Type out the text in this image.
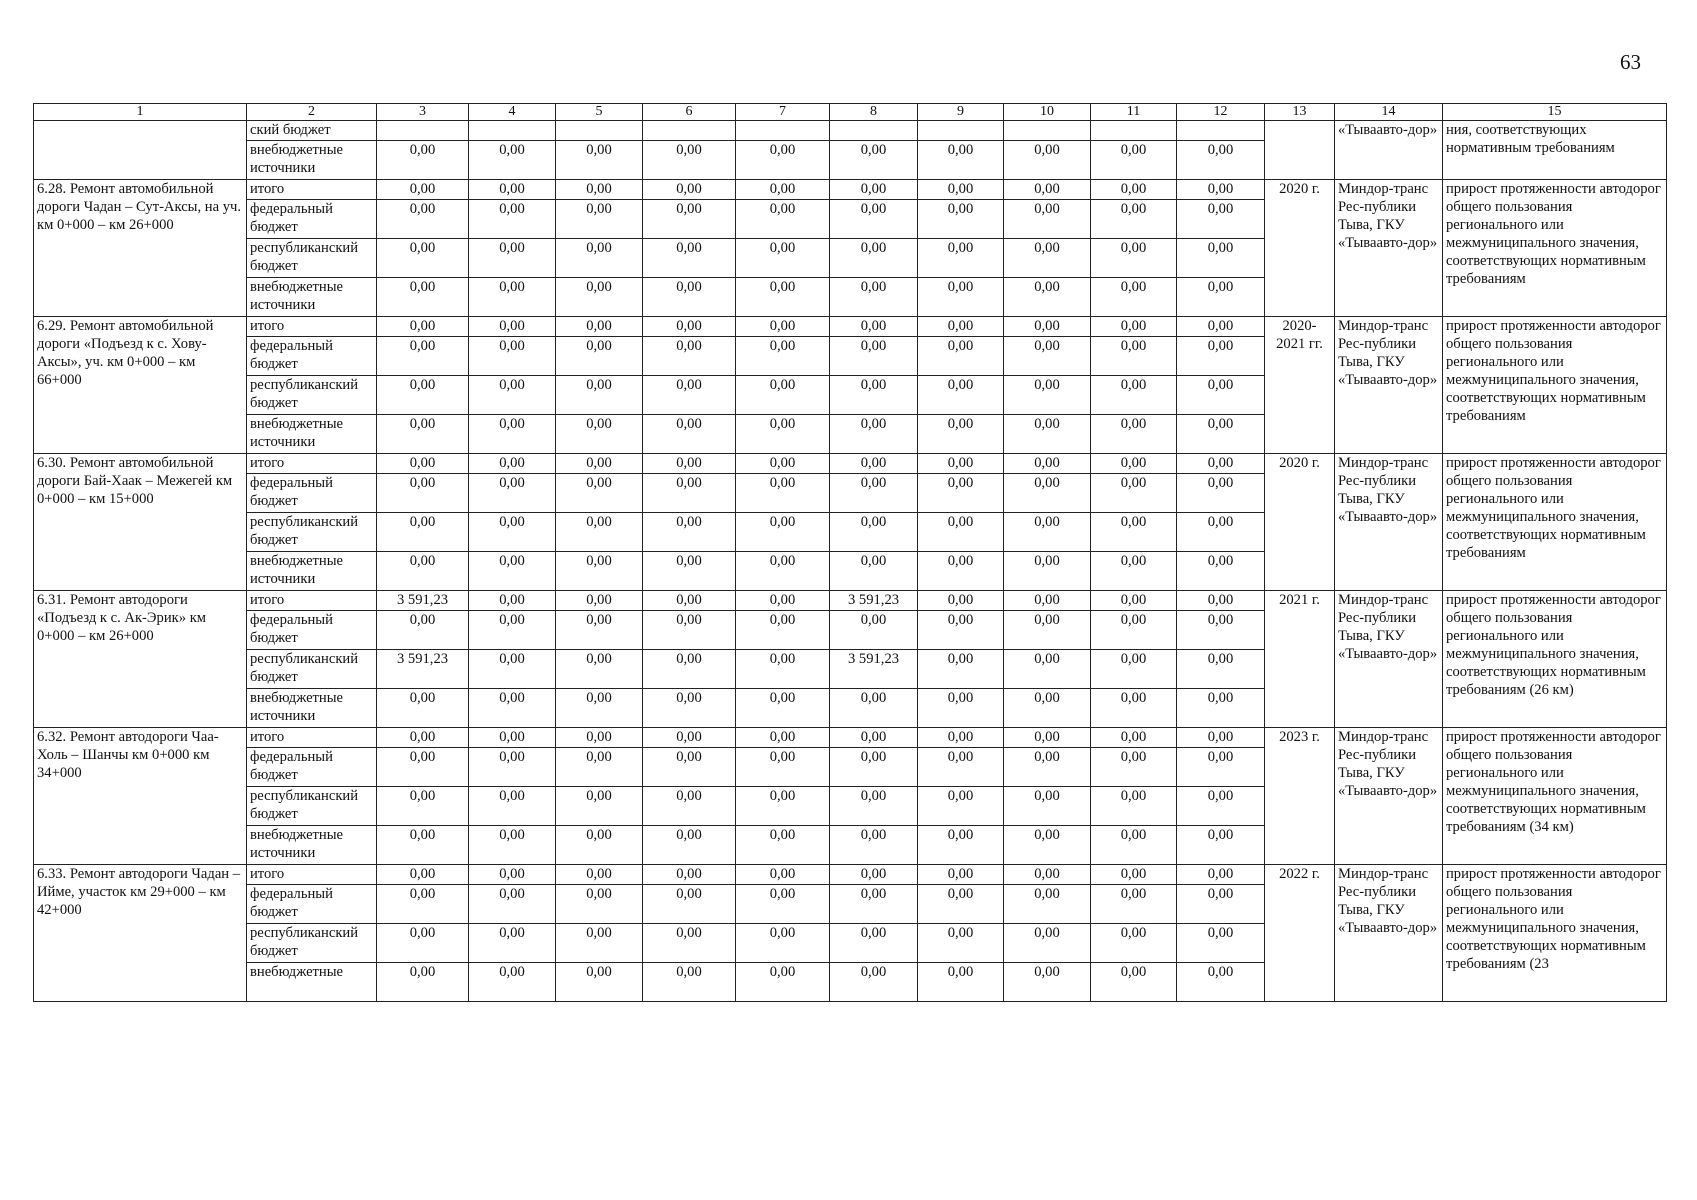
63
1	2	3	4	5	6	7	8	9	10	11	12	13	14	15
	ский бюджет												«Тываавто-дор»	ния, соответствующих нормативным требованиям
	внебюджетные источники	0,00	0,00	0,00	0,00	0,00	0,00	0,00	0,00	0,00	0,00			
6.28. Ремонт автомобильной дороги Чадан – Сут-Аксы, на уч. км 0+000 – км 26+000	итого	0,00	0,00	0,00	0,00	0,00	0,00	0,00	0,00	0,00	0,00	2020 г.	Миндор-транс Рес-публики Тыва, ГКУ «Тываавто-дор»	прирост протяженности автодорог общего пользования регионального или межмуниципального значения, соответствующих нормативным требованиям
	федеральный бюджет	0,00	0,00	0,00	0,00	0,00	0,00	0,00	0,00	0,00	0,00			
	республиканский бюджет	0,00	0,00	0,00	0,00	0,00	0,00	0,00	0,00	0,00	0,00			
	внебюджетные источники	0,00	0,00	0,00	0,00	0,00	0,00	0,00	0,00	0,00	0,00			
6.29. Ремонт автомобильной дороги «Подъезд к с. Хову-Аксы», уч. км 0+000 – км 66+000	итого	0,00	0,00	0,00	0,00	0,00	0,00	0,00	0,00	0,00	0,00	2020-2021 гг.	Миндор-транс Рес-публики Тыва, ГКУ «Тываавто-дор»	прирост протяженности автодорог общего пользования регионального или межмуниципального значения, соответствующих нормативным требованиям
	федеральный бюджет	0,00	0,00	0,00	0,00	0,00	0,00	0,00	0,00	0,00	0,00			
	республиканский бюджет	0,00	0,00	0,00	0,00	0,00	0,00	0,00	0,00	0,00	0,00			
	внебюджетные источники	0,00	0,00	0,00	0,00	0,00	0,00	0,00	0,00	0,00	0,00			
6.30. Ремонт автомобильной дороги Бай-Хаак – Межегей км 0+000 – км 15+000	итого	0,00	0,00	0,00	0,00	0,00	0,00	0,00	0,00	0,00	0,00	2020 г.	Миндор-транс Рес-публики Тыва, ГКУ «Тываавто-дор»	прирост протяженности автодорог общего пользования регионального или межмуниципального значения, соответствующих нормативным требованиям
	федеральный бюджет	0,00	0,00	0,00	0,00	0,00	0,00	0,00	0,00	0,00	0,00			
	республиканский бюджет	0,00	0,00	0,00	0,00	0,00	0,00	0,00	0,00	0,00	0,00			
	внебюджетные источники	0,00	0,00	0,00	0,00	0,00	0,00	0,00	0,00	0,00	0,00			
6.31. Ремонт автодороги «Подъезд к с. Ак-Эрик» км 0+000 – км 26+000	итого	3 591,23	0,00	0,00	0,00	0,00	3 591,23	0,00	0,00	0,00	0,00	2021 г.	Миндор-транс Рес-публики Тыва, ГКУ «Тываавто-дор»	прирост протяженности автодорог общего пользования регионального или межмуниципального значения, соответствующих нормативным требованиям (26 км)
	федеральный бюджет	0,00	0,00	0,00	0,00	0,00	0,00	0,00	0,00	0,00	0,00			
	республиканский бюджет	3 591,23	0,00	0,00	0,00	0,00	3 591,23	0,00	0,00	0,00	0,00			
	внебюджетные источники	0,00	0,00	0,00	0,00	0,00	0,00	0,00	0,00	0,00	0,00			
6.32. Ремонт автодороги Чаа-Холь – Шанчы км 0+000 км 34+000	итого	0,00	0,00	0,00	0,00	0,00	0,00	0,00	0,00	0,00	0,00	2023 г.	Миндор-транс Рес-публики Тыва, ГКУ «Тываавто-дор»	прирост протяженности автодорог общего пользования регионального или межмуниципального значения, соответствующих нормативным требованиям (34 км)
	федеральный бюджет	0,00	0,00	0,00	0,00	0,00	0,00	0,00	0,00	0,00	0,00			
	республиканский бюджет	0,00	0,00	0,00	0,00	0,00	0,00	0,00	0,00	0,00	0,00			
	внебюджетные источники	0,00	0,00	0,00	0,00	0,00	0,00	0,00	0,00	0,00	0,00			
6.33. Ремонт автодороги Чадан – Ийме, участок км 29+000 – км 42+000	итого	0,00	0,00	0,00	0,00	0,00	0,00	0,00	0,00	0,00	0,00	2022 г.	Миндор-транс Рес-публики Тыва, ГКУ «Тываавто-дор»	прирост протяженности автодорог общего пользования регионального или межмуниципального значения, соответствующих нормативным требованиям (23
	федеральный бюджет	0,00	0,00	0,00	0,00	0,00	0,00	0,00	0,00	0,00	0,00			
	республиканский бюджет	0,00	0,00	0,00	0,00	0,00	0,00	0,00	0,00	0,00	0,00			
	внебюджетные	0,00	0,00	0,00	0,00	0,00	0,00	0,00	0,00	0,00	0,00			
